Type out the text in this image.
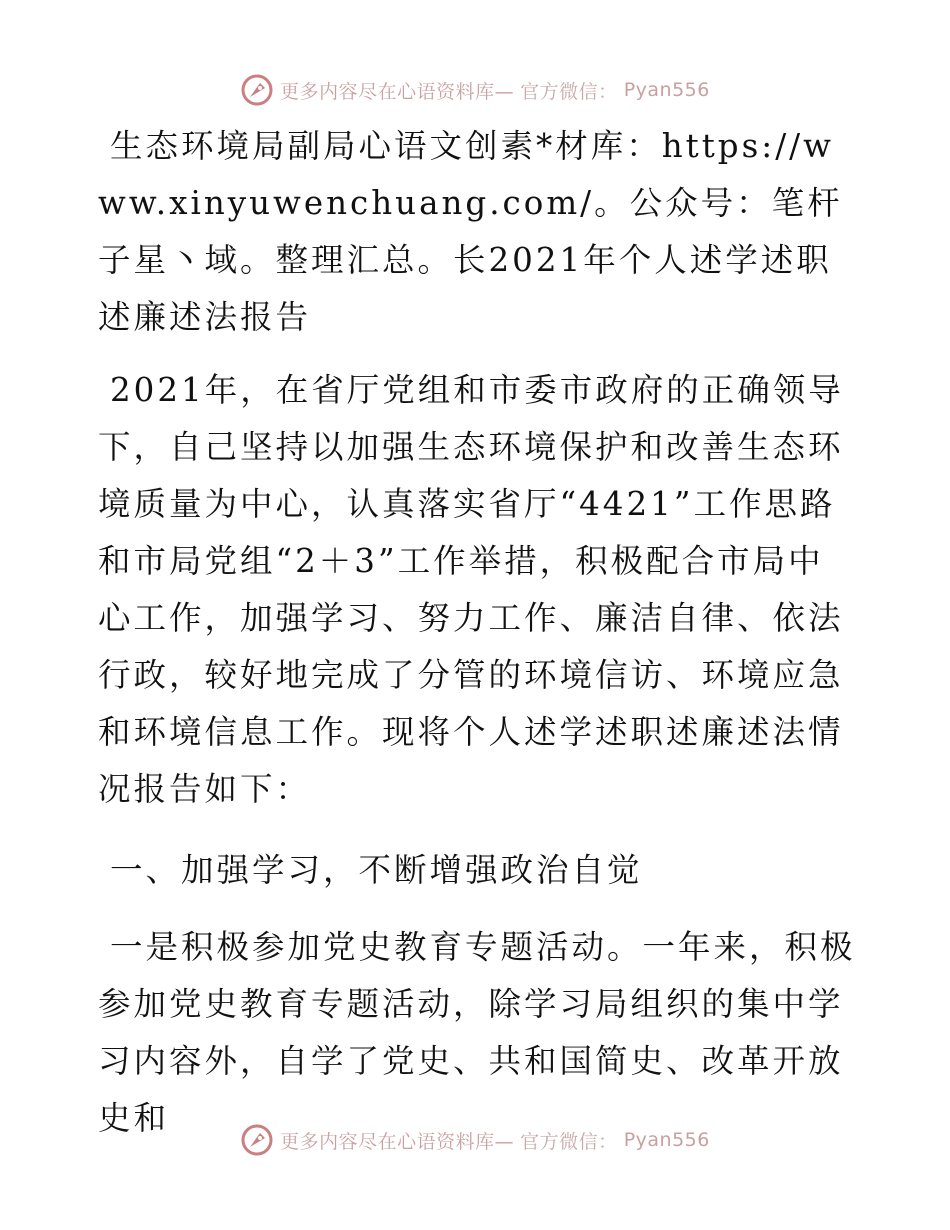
更多内容尽在心语资料库— 官方微信： Pyan556

生态环境局副局心语文创素*材库：https://www.xinyuwenchuang.com/。公众号：笔杆子星丶域。整理汇总。长2021年个人述学述职述廉述法报告

2021年，在省厅党组和市委市政府的正确领导下，自己坚持以加强生态环境保护和改善生态环境质量为中心，认真落实省厅“4421”工作思路和市局党组“2＋3”工作举措，积极配合市局中心工作，加强学习、努力工作、廉洁自律、依法行政，较好地完成了分管的环境信访、环境应急和环境信息工作。现将个人述学述职述廉述法情况报告如下：

一、加强学习，不断增强政治自觉

一是积极参加党史教育专题活动。一年来，积极参加党史教育专题活动，除学习局组织的集中学习内容外，自学了党史、共和国简史、改革开放史和

更多内容尽在心语资料库— 官方微信： Pyan556
